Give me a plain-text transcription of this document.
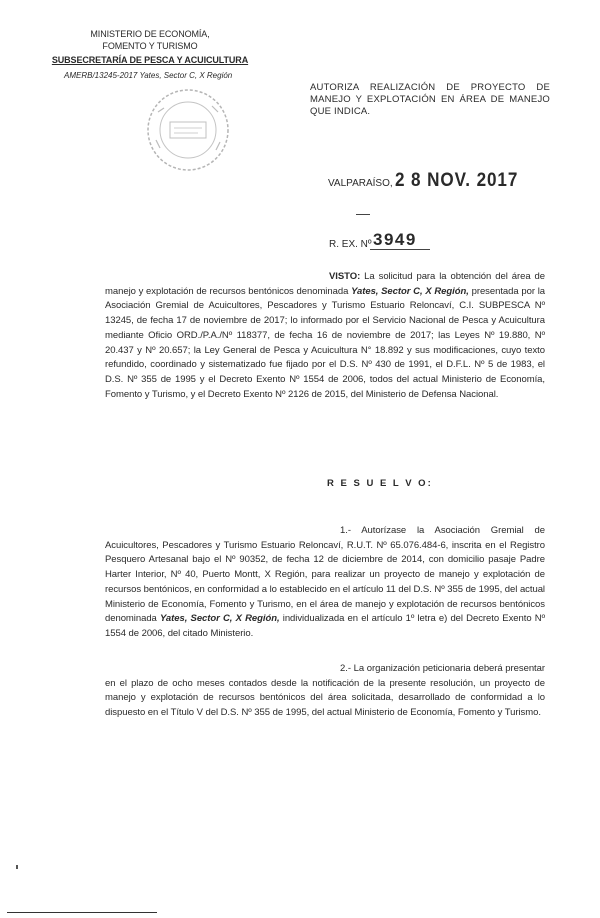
MINISTERIO DE ECONOMÍA,
FOMENTO Y TURISMO
SUBSECRETARÍA DE PESCA Y ACUICULTURA
AMERB/13245-2017 Yates, Sector C, X Región
AUTORIZA REALIZACIÓN DE PROYECTO DE MANEJO Y EXPLOTACIÓN EN ÁREA DE MANEJO QUE INDICA.
VALPARAÍSO, 2 8 NOV. 2017
R. EX. Nº 3949
VISTO: La solicitud para la obtención del área de manejo y explotación de recursos bentónicos denominada Yates, Sector C, X Región, presentada por la Asociación Gremial de Acuicultores, Pescadores y Turismo Estuario Reloncaví, C.I. SUBPESCA Nº 13245, de fecha 17 de noviembre de 2017; lo informado por el Servicio Nacional de Pesca y Acuicultura mediante Oficio ORD./P.A./Nº 118377, de fecha 16 de noviembre de 2017; las Leyes Nº 19.880, Nº 20.437 y Nº 20.657; la Ley General de Pesca y Acuicultura N° 18.892 y sus modificaciones, cuyo texto refundido, coordinado y sistematizado fue fijado por el D.S. Nº 430 de 1991, el D.F.L. Nº 5 de 1983, el D.S. Nº 355 de 1995 y el Decreto Exento Nº 1554 de 2006, todos del actual Ministerio de Economía, Fomento y Turismo, y el Decreto Exento Nº 2126 de 2015, del Ministerio de Defensa Nacional.
R E S U E L V O:
1.- Autorízase la Asociación Gremial de Acuicultores, Pescadores y Turismo Estuario Reloncaví, R.U.T. Nº 65.076.484-6, inscrita en el Registro Pesquero Artesanal bajo el Nº 90352, de fecha 12 de diciembre de 2014, con domicilio pasaje Padre Harter Interior, Nº 40, Puerto Montt, X Región, para realizar un proyecto de manejo y explotación de recursos bentónicos, en conformidad a lo establecido en el artículo 11 del D.S. Nº 355 de 1995, del actual Ministerio de Economía, Fomento y Turismo, en el área de manejo y explotación de recursos bentónicos denominada Yates, Sector C, X Región, individualizada en el artículo 1º letra e) del Decreto Exento Nº 1554 de 2006, del citado Ministerio.
2.- La organización peticionaria deberá presentar en el plazo de ocho meses contados desde la notificación de la presente resolución, un proyecto de manejo y explotación de recursos bentónicos del área solicitada, desarrollado de conformidad a lo dispuesto en el Título V del D.S. Nº 355 de 1995, del actual Ministerio de Economía, Fomento y Turismo.
